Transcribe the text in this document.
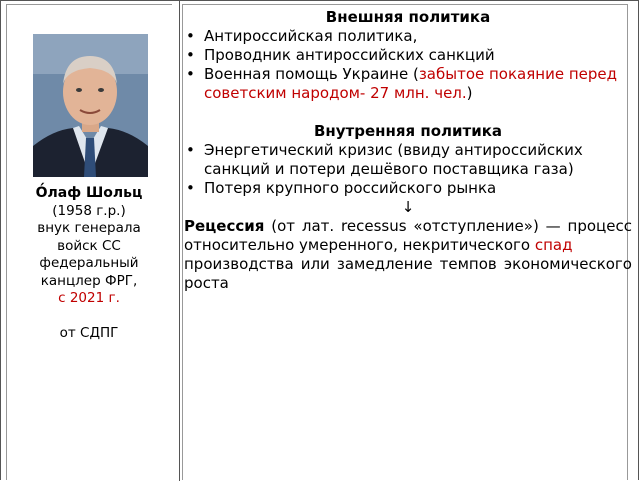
О́лаф Шольц
(1958 г.р.)
внук генерала
войск СС
федеральный
канцлер ФРГ,
с 2021 г.
от СДПГ

Внешняя политика

• Антироссийская политика,
• Проводник антироссийских санкций
• Военная помощь Украине (забытое покаяние перед советским народом- 27 млн. чел.)

Внутренняя политика

• Энергетический кризис (ввиду антироссийских санкций и потери дешёвого поставщика газа)
• Потеря крупного российского рынка

↓

Рецессия (от лат. recessus «отступление») — процесс относительно умеренного, некритического спад
производства или замедление темпов экономического роста
